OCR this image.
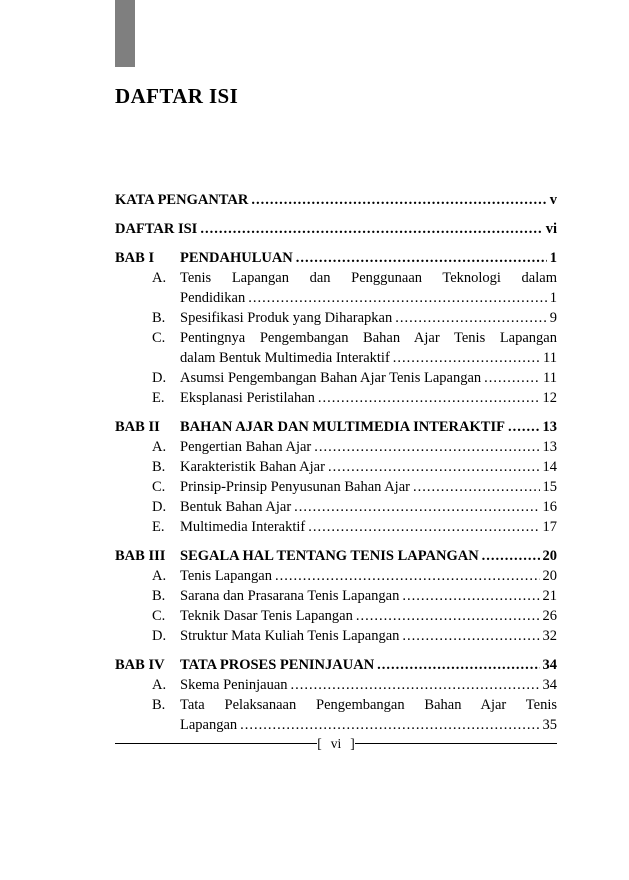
DAFTAR ISI
KATA PENGANTAR .....	v
DAFTAR ISI .....	vi
BAB I	PENDAHULUAN .....	1
A. Tenis Lapangan dan Penggunaan Teknologi dalam
Pendidikan .....	1
B.	Spesifikasi Produk yang Diharapkan .....	9
C.	Pentingnya Pengembangan Bahan Ajar Tenis Lapangan
dalam Bentuk Multimedia Interaktif .....	11
D. Asumsi Pengembangan Bahan Ajar Tenis Lapangan .....	11
E.	Eksplanasi Peristilahan .....	12
BAB II	BAHAN AJAR DAN MULTIMEDIA INTERAKTIF .....	13
A. Pengertian Bahan Ajar .....	13
B.	Karakteristik Bahan Ajar .....	14
C.	Prinsip-Prinsip Penyusunan Bahan Ajar .....	15
D. Bentuk Bahan Ajar .....	16
E.	Multimedia Interaktif .....	17
BAB III	SEGALA HAL TENTANG TENIS LAPANGAN .....	20
A. Tenis Lapangan .....	20
B.	Sarana dan Prasarana Tenis Lapangan .....	21
C.	Teknik Dasar Tenis Lapangan .....	26
D. Struktur Mata Kuliah Tenis Lapangan .....	32
BAB IV	TATA PROSES PENINJAUAN .....	34
A. Skema Peninjauan .....	34
B.	Tata Pelaksanaan Pengembangan Bahan Ajar Tenis
Lapangan .....	35
[ vi ]
